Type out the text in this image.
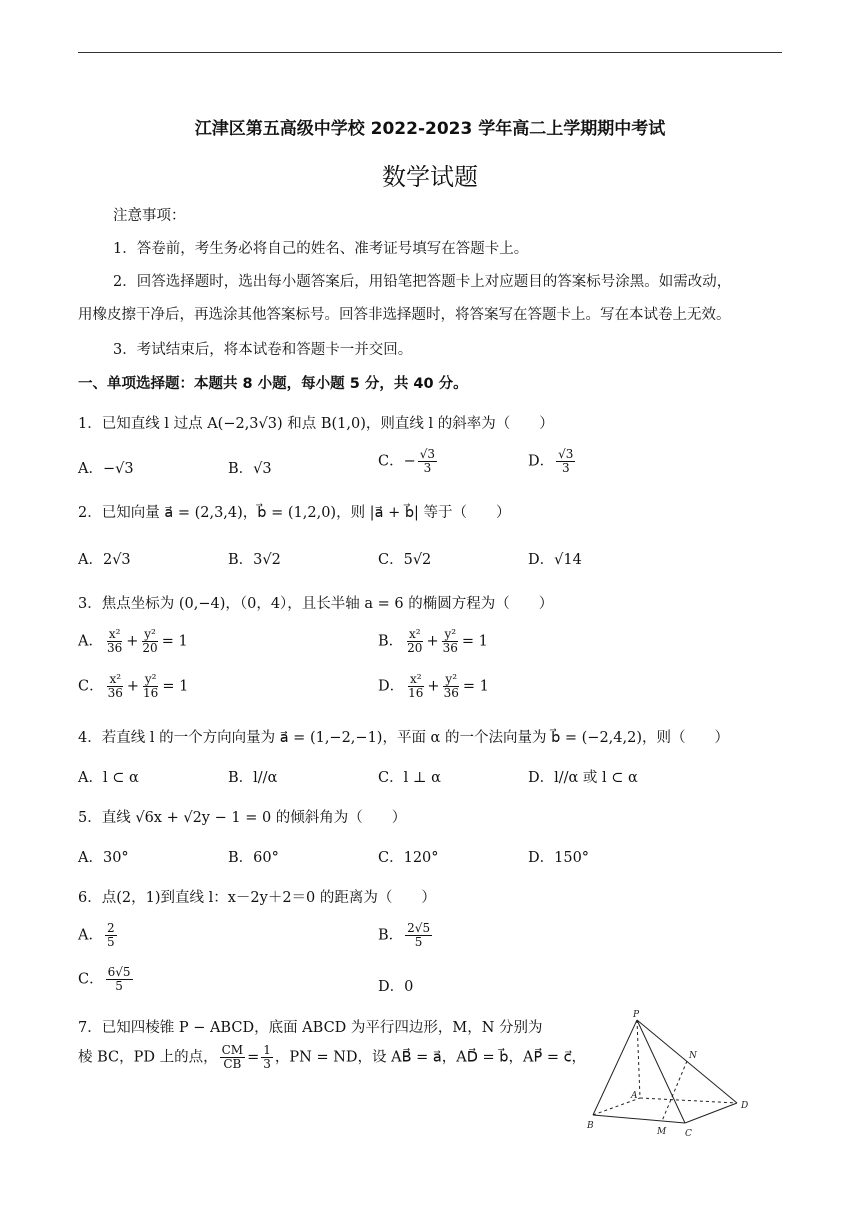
江津区第五高级中学校 2022-2023 学年高二上学期期中考试
数学试题
注意事项：
1．答卷前，考生务必将自己的姓名、准考证号填写在答题卡上。
2．回答选择题时，选出每小题答案后，用铅笔把答题卡上对应题目的答案标号涂黑。如需改动，
用橡皮擦干净后，再选涂其他答案标号。回答非选择题时，将答案写在答题卡上。写在本试卷上无效。
3．考试结束后，将本试卷和答题卡一并交回。
一、单项选择题：本题共 8 小题，每小题 5 分，共 40 分。
1．已知直线 l 过点 A(−2,3√3) 和点 B(1,0)，则直线 l 的斜率为（　　）
A．−√3	B．√3	C．− $\frac{√3}{3}$	D． $\frac{√3}{3}$
2．已知向量 a⃗ = (2,3,4)，b⃗ = (1,2,0)，则 |a⃗ + b⃗| 等于（　　）
A．2√3	B．3√2	C．5√2	D．√14
3．焦点坐标为 (0,−4)，（0，4），且长半轴 a = 6 的椭圆方程为（　　）
A． $\frac{\text{x²}}{36} + \frac{\text{y²}}{20} = 1$	B． $\frac{\text{x²}}{20} + \frac{\text{y²}}{36} = 1$
C． $\frac{\text{x²}}{36} + \frac{\text{y²}}{16} = 1$	D． $\frac{\text{x²}}{16} + \frac{\text{y²}}{36} = 1$
4．若直线 l 的一个方向向量为 a⃗ = (1,−2,−1)，平面 α 的一个法向量为 b⃗ = (−2,4,2)，则（　　）
A．l ⊂ α	B．l//α	C．l ⊥ α	D．l//α 或 l ⊂ α
5．直线 √6x + √2y − 1 = 0 的倾斜角为（　　）
A．30°	B．60°	C．120°	D．150°
6．点(2，1)到直线 l：x－2y＋2＝0 的距离为（　　）
A． $\frac{2}{5}$	B． $\frac{2√5}{5}$
C． $\frac{6√5}{5}$	D．0
7．已知四棱锥 P − ABCD，底面 ABCD 为平行四边形，M，N 分别为
棱 BC，PD 上的点， $\frac{CM}{CB} = \frac{1}{3}$ ，PN = ND，设 AB⃗ = a⃗，AD⃗ = b⃗，AP⃗ = c⃗，
P
N
A
D
B
M C
